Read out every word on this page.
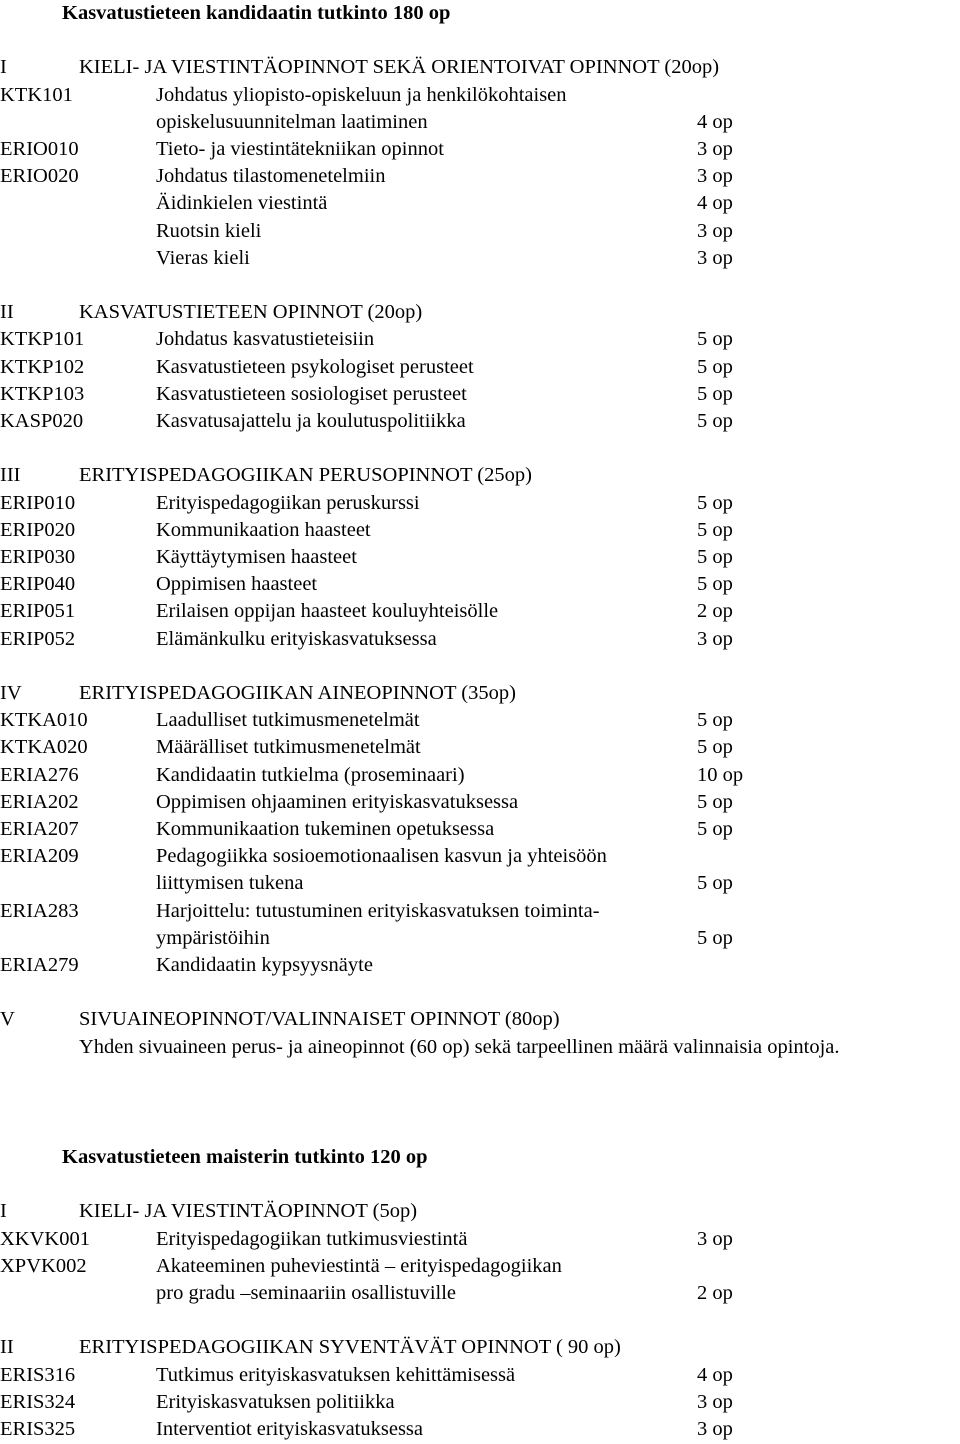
Kasvatustieteen kandidaatin tutkinto 180 op
I	KIELI- JA VIESTINTÄOPINNOT SEKÄ ORIENTOIVAT OPINNOT (20op)
KTK101	Johdatus yliopisto-opiskeluun ja henkilökohtaisen
opiskelusuunnitelman laatiminen	4 op
ERIO010	Tieto- ja viestintätekniikan opinnot	3 op
ERIO020	Johdatus tilastomenetelmiin	3 op
Äidinkielen viestintä	4 op
Ruotsin kieli	3 op
Vieras kieli	3 op
II	KASVATUSTIETEEN OPINNOT (20op)
KTKP101	Johdatus kasvatustieteisiin	5 op
KTKP102	Kasvatustieteen psykologiset perusteet	5 op
KTKP103	Kasvatustieteen sosiologiset perusteet	5 op
KASP020	Kasvatusajattelu ja koulutuspolitiikka	5 op
III	ERITYISPEDAGOGIIKAN PERUSOPINNOT (25op)
ERIP010	Erityispedagogiikan peruskurssi	5 op
ERIP020	Kommunikaation haasteet	5 op
ERIP030	Käyttäytymisen haasteet	5 op
ERIP040	Oppimisen haasteet	5 op
ERIP051	Erilaisen oppijan haasteet kouluyhteisölle	2 op
ERIP052	Elämänkulku erityiskasvatuksessa	3 op
IV	ERITYISPEDAGOGIIKAN AINEOPINNOT (35op)
KTKA010	Laadulliset tutkimusmenetelmät	5 op
KTKA020	Määrälliset tutkimusmenetelmät	5 op
ERIA276	Kandidaatin tutkielma (proseminaari)	10 op
ERIA202	Oppimisen ohjaaminen erityiskasvatuksessa	5 op
ERIA207	Kommunikaation tukeminen opetuksessa	5 op
ERIA209	Pedagogiikka sosioemotionaalisen kasvun ja yhteisöön
liittymisen tukena	5 op
ERIA283	Harjoittelu: tutustuminen erityiskasvatuksen toiminta-
ympäristöihin	5 op
ERIA279	Kandidaatin kypsyysnäyte
V	SIVUAINEOPINNOT/VALINNAISET OPINNOT (80op)
Yhden sivuaineen perus- ja aineopinnot (60 op) sekä tarpeellinen määrä valinnaisia opintoja.
Kasvatustieteen maisterin tutkinto 120 op
I	KIELI- JA VIESTINTÄOPINNOT (5op)
XKVK001	Erityispedagogiikan tutkimusviestintä	3 op
XPVK002	Akateeminen puheviestintä – erityispedagogiikan
pro gradu –seminaariin osallistuville	2 op
II	ERITYISPEDAGOGIIKAN SYVENTÄVÄT OPINNOT ( 90 op)
ERIS316	Tutkimus erityiskasvatuksen kehittämisessä	4 op
ERIS324	Erityiskasvatuksen politiikka	3 op
ERIS325	Interventiot erityiskasvatuksessa	3 op
